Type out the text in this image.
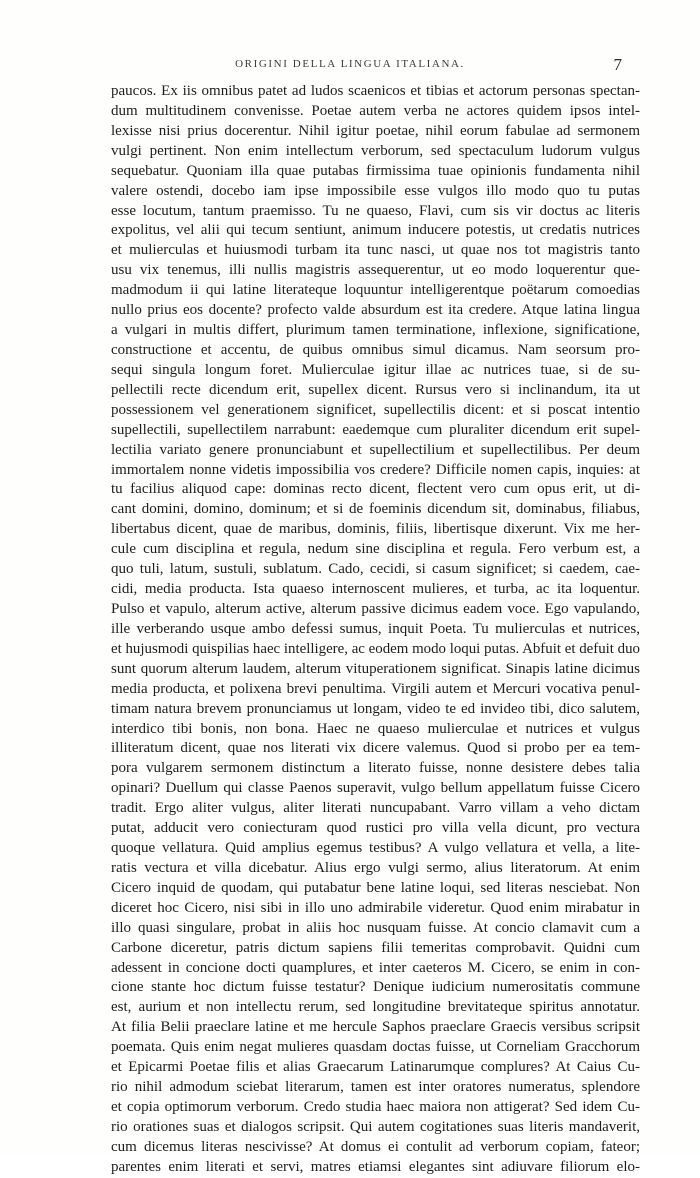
ORIGINI DELLA LINGUA ITALIANA.	7
paucos. Ex iis omnibus patet ad ludos scaenicos et tibias et actorum personas spectan-
dum multitudinem convenisse. Poetae autem verba ne actores quidem ipsos intel-
lexisse nisi prius docerentur. Nihil igitur poetae, nihil eorum fabulae ad sermonem
vulgi pertinent. Non enim intellectum verborum, sed spectaculum ludorum vulgus
sequebatur. Quoniam illa quae putabas firmissima tuae opinionis fundamenta nihil
valere ostendi, docebo iam ipse impossibile esse vulgos illo modo quo tu putas
esse locutum, tantum praemisso. Tu ne quaeso, Flavi, cum sis vir doctus ac literis
expolitus, vel alii qui tecum sentiunt, animum inducere potestis, ut credatis nutrices
et mulierculas et huiusmodi turbam ita tunc nasci, ut quae nos tot magistris tanto
usu vix tenemus, illi nullis magistris assequerentur, ut eo modo loquerentur que-
madmodum ii qui latine literateque loquuntur intelligerentque poëtarum comoedias
nullo prius eos docente? profecto valde absurdum est ita credere. Atque latina lingua
a vulgari in multis differt, plurimum tamen terminatione, inflexione, significatione,
constructione et accentu, de quibus omnibus simul dicamus. Nam seorsum pro-
sequi singula longum foret. Mulierculae igitur illae ac nutrices tuae, si de su-
pellectili recte dicendum erit, supellex dicent. Rursus vero si inclinandum, ita ut
possessionem vel generationem significet, supellectilis dicent: et si poscat intentio
supellectili, supellectilem narrabunt: eaedemque cum pluraliter dicendum erit supel-
lectilia variato genere pronunciabunt et supellectilium et supellectilibus. Per deum
immortalem nonne videtis impossibilia vos credere? Difficile nomen capis, inquies: at
tu facilius aliquod cape: dominas recto dicent, flectent vero cum opus erit, ut di-
cant domini, domino, dominum; et si de foeminis dicendum sit, dominabus, filiabus,
libertabus dicent, quae de maribus, dominis, filiis, libertisque dixerunt. Vix me her-
cule cum disciplina et regula, nedum sine disciplina et regula. Fero verbum est, a
quo tuli, latum, sustuli, sublatum. Cado, cecidi, si casum significet; si caedem, cae-
cidi, media producta. Ista quaeso internoscent mulieres, et turba, ac ita loquentur.
Pulso et vapulo, alterum active, alterum passive dicimus eadem voce. Ego vapulando,
ille verberando usque ambo defessi sumus, inquit Poeta. Tu mulierculas et nutrices,
et hujusmodi quispilias haec intelligere, ac eodem modo loqui putas. Abfuit et defuit duo
sunt quorum alterum laudem, alterum vituperationem significat. Sinapis latine dicimus
media producta, et polixena brevi penultima. Virgili autem et Mercuri vocativa penul-
timam natura brevem pronunciamus ut longam, video te ed invideo tibi, dico salutem,
interdico tibi bonis, non bona. Haec ne quaeso mulierculae et nutrices et vulgus
illiteratum dicent, quae nos literati vix dicere valemus. Quod si probo per ea tem-
pora vulgarem sermonem distinctum a literato fuisse, nonne desistere debes talia
opinari? Duellum qui classe Paenos superavit, vulgo bellum appellatum fuisse Cicero
tradit. Ergo aliter vulgus, aliter literati nuncupabant. Varro villam a veho dictam
putat, adducit vero coniecturam quod rustici pro villa vella dicunt, pro vectura
quoque vellatura. Quid amplius egemus testibus? A vulgo vellatura et vella, a lite-
ratis vectura et villa dicebatur. Alius ergo vulgi sermo, alius literatorum. At enim
Cicero inquid de quodam, qui putabatur bene latine loqui, sed literas nesciebat. Non
diceret hoc Cicero, nisi sibi in illo uno admirabile videretur. Quod enim mirabatur in
illo quasi singulare, probat in aliis hoc nusquam fuisse. At concio clamavit cum a
Carbone diceretur, patris dictum sapiens filii temeritas comprobavit. Quidni cum
adessent in concione docti quamplures, et inter caeteros M. Cicero, se enim in con-
cione stante hoc dictum fuisse testatur? Denique iudicium numerositatis commune
est, aurium et non intellectu rerum, sed longitudine brevitateque spiritus annotatur.
At filia Belii praeclare latine et me hercule Saphos praeclare Graecis versibus scripsit
poemata. Quis enim negat mulieres quasdam doctas fuisse, ut Corneliam Gracchorum
et Epicarmi Poetae filis et alias Graecarum Latinarumque complures? At Caius Cu-
rio nihil admodum sciebat literarum, tamen est inter oratores numeratus, splendore
et copia optimorum verborum. Credo studia haec maiora non attigerat? Sed idem Cu-
rio orationes suas et dialogos scripsit. Qui autem cogitationes suas literis mandaverit,
cum dicemus literas nescivisse? At domus ei contulit ad verborum copiam, fateor;
parentes enim literati et servi, matres etiamsi elegantes sint adiuvare filiorum elo-
